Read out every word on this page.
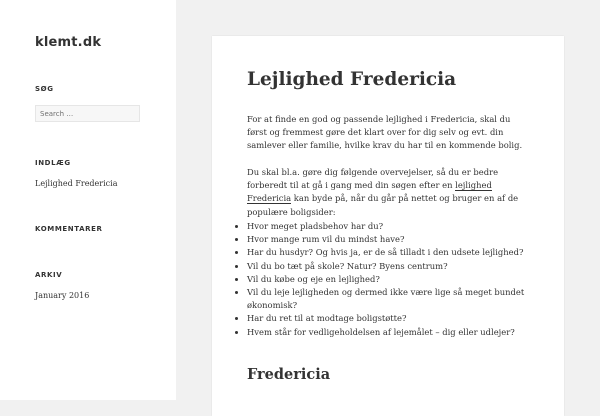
klemt.dk
SØG
Search …
INDLÆG
Lejlighed Fredericia
KOMMENTARER
ARKIV
January 2016
Lejlighed Fredericia

For at finde en god og passende lejlighed i Fredericia, skal du først og fremmest gøre det klart over for dig selv og evt. din samlever eller familie, hvilke krav du har til en kommende bolig.

Du skal bl.a. gøre dig følgende overvejelser, så du er bedre forberedt til at gå i gang med din søgen efter en lejlighed Fredericia kan byde på, når du går på nettet og bruger en af de populære boligsider:

• Hvor meget pladsbehov har du?
• Hvor mange rum vil du mindst have?
• Har du husdyr? Og hvis ja, er de så tilladt i den udsete lejlighed?
• Vil du bo tæt på skole? Natur? Byens centrum?
• Vil du købe og eje en lejlighed?
• Vil du leje lejligheden og dermed ikke være lige så meget bundet økonomisk?
• Har du ret til at modtage boligstøtte?
• Hvem står for vedligeholdelsen af lejemålet – dig eller udlejer?
Fredericia
